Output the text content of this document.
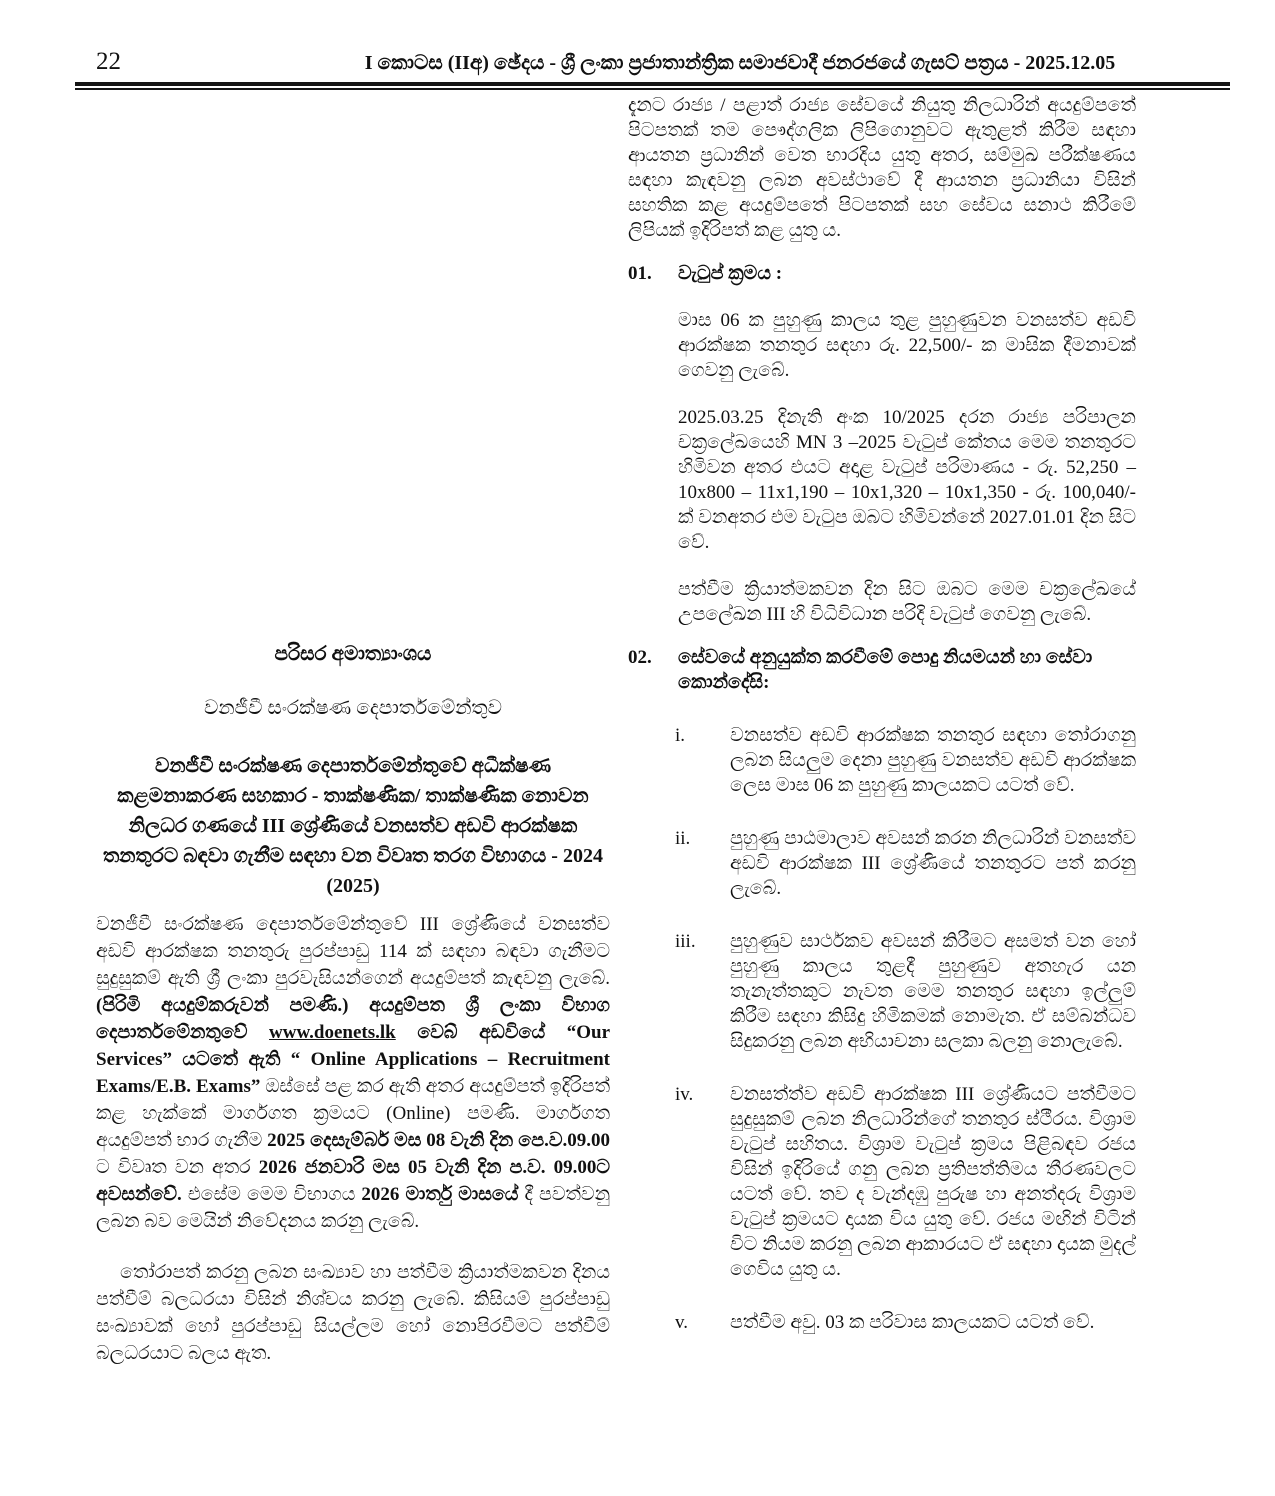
22	I කොටස (IIඅ) ඡේදය - ශ්‍රී ලංකා ප්‍රජාතාන්ත්‍රික සමාජවාදී ජනරජයේ ගැසට් පත්‍රය - 2025.12.05
පරිසර අමාත්‍යාංශය
වනජීවී සංරක්ෂණ දෙපාර්තමේන්තුව
වනජීවී සංරක්ෂණ දෙපාර්තමේන්තුවේ අධීක්ෂණ කළමනාකරණ සහකාර - තාක්ෂණික/ තාක්ෂණික නොවන නිලධර ගණයේ III ශ්‍රේණියේ වනසත්ව අඩවි ආරක්ෂක තනතුරට බඳවා ගැනීම සඳහා වන විවෘත තරග විභාගය - 2024 (2025)

වනජීවී සංරක්ෂණ දෙපාර්තමේන්තුවේ III ශ්‍රේණියේ වනසත්ව අඩවි ආරක්ෂක තනතුරු පුරප්පාඩු 114 ක් සඳහා බඳවා ගැනීමට සුදුසුකම් ඇති ශ්‍රී ලංකා පුරවැසියන්ගෙන් අයදුම්පත් කැඳවනු ලැබේ. (පිරිමි අයදුම්කරුවන් පමණි.) අයදුම්පත ශ්‍රී ලංකා විභාග දෙපාර්තමේනතුවේ www.doenets.lk වෙබ් අඩවියේ “Our Services” යටතේ ඇති “ Online Applications – Recruitment Exams/E.B. Exams” ඔස්සේ පළ කර ඇති අතර අයදුම්පත් ඉදිරිපත් කළ හැක්කේ මාර්ගගත ක්‍රමයට (Online) පමණි. මාර්ගගත අයදුම්පත් භාර ගැනීම 2025 දෙසැම්බර් මස 08 වැනි දින පෙ.ව.09.00 ට විවෘත වන අතර 2026 ජනවාරි මස 05 වැනි දින ප.ව. 09.00ට අවසන්වේ. එසේම මෙම විභාගය 2026 මාර්තු මාසයේ දී පවත්වනු ලබන බව මෙයින් නිවේදනය කරනු ලැබේ.

තෝරාපත් කරනු ලබන සංඛ්‍යාව හා පත්වීම ක්‍රියාත්මකවන දිනය පත්වීම් බලධරයා විසින් නිශ්චය කරනු ලැබේ. කිසියම් පුරප්පාඩු සංඛ්‍යාවක් හෝ පුරප්පාඩු සියල්ලම හෝ නොපිරවීමට පත්වීම් බලධරයාට බලය ඇත.

දැනට රාජ්‍ය / පළාත් රාජ්‍ය සේවයේ නියුතු නිලධාරින් අයදුම්පතේ පිටපතක් තම පෞද්ගලික ලිපිගොනුවට ඇතුළත් කිරීම සඳහා ආයතන ප්‍රධානින් වෙත භාරදිය යුතු අතර, සම්මුඛ පරීක්ෂණය සඳහා කැඳවනු ලබන අවස්ථාවේ දී ආයතන ප්‍රධානියා විසින් සහතික කළ අයදුම්පතේ පිටපතක් සහ සේවය සනාථ කිරීමේ ලිපියක් ඉදිරිපත් කළ යුතු ය.

01.	වැටුප් ක්‍රමය :

මාස 06 ක පුහුණු කාලය තුළ පුහුණුවන වනසත්ව අඩවි ආරක්ෂක තනතුර සඳහා රු. 22,500/- ක මාසික දීමනාවක් ගෙවනු ලැබේ.

2025.03.25 දිනැති අංක 10/2025 දරන රාජ්‍ය පරිපාලන චක්‍රලේඛයෙහි MN 3 –2025 වැටුප් කේතය මෙම තනතුරට හිමිවන අතර එයට අදාළ වැටුප් පරිමාණය - රු. 52,250 – 10x800 – 11x1,190 – 10x1,320 – 10x1,350 - රු. 100,040/- ක් වනඅතර එම වැටුප ඔබට හිමිවන්නේ 2027.01.01 දින සිට වේ.

පත්වීම ක්‍රියාත්මකවන දින සිට ඔබට මෙම චක්‍රලේඛයේ උපලේඛන III හි විධිවිධාන පරිදි වැටුප් ගෙවනු ලැබේ.

02.	සේවයේ අනුයුක්ත කරවීමේ පොදු නියමයන් හා සේවා කොන්දේසි:
i.	වනසත්ව අඩවි ආරක්ෂක තනතුර සඳහා තෝරාගනු ලබන සියලුම දෙනා පුහුණු වනසත්ව අඩවි ආරක්ෂක ලෙස මාස 06 ක පුහුණු කාලයකට යටත් වේ.
ii.	පුහුණු පාඨමාලාව අවසන් කරන නිලධාරින් වනසත්ව අඩවි ආරක්ෂක III ශ්‍රේණියේ තනතුරට පත් කරනු ලැබේ.
iii.	පුහුණුව සාර්ථකව අවසන් කිරීමට අසමත් වන හෝ පුහුණු කාලය තුළදී පුහුණුව අතහැර යන තැනැත්තකුට නැවත මෙම තනතුර සඳහා ඉල්ලුම් කිරීම සඳහා කිසිදු හිමිකමක් නොමැත. ඒ සම්බන්ධව සිදුකරනු ලබන අභියාචනා සලකා බලනු නොලැබේ.
iv.	වනසත්ත්ව අඩවි ආරක්ෂක III ශ්‍රේණියට පත්වීමට සුදුසුකම් ලබන නිලධාරින්ගේ තනතුර ස්ථීරය. විශ්‍රාම වැටුප් සහිතය. විශ්‍රාම වැටුප් ක්‍රමය පිළිබඳව රජය විසින් ඉදිරියේ ගනු ලබන ප්‍රතිපත්තිමය තීරණවලට යටත් වේ. තව ද වැන්දඹු පුරුෂ හා අනත්දරු විශ්‍රාම වැටුප් ක්‍රමයට දායක විය යුතු වේ. රජය මඟින් විටින් විට නියම කරනු ලබන ආකාරයට ඒ සඳහා දායක මුදල් ගෙවිය යුතු ය.
v.	පත්වීම අවු. 03 ක පරිවාස කාලයකට යටත් වේ.
